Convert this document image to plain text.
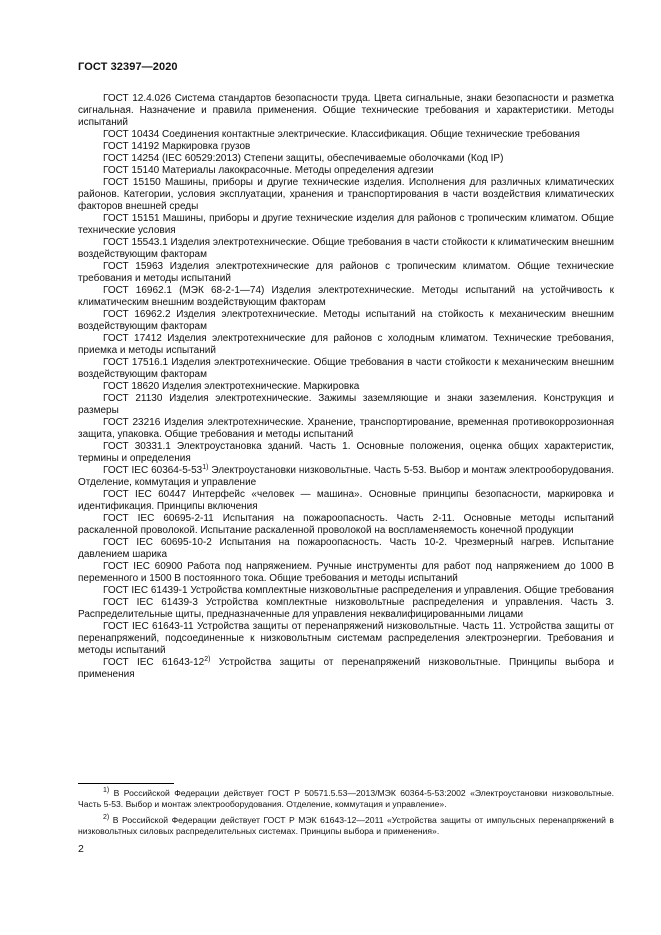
ГОСТ 32397—2020

ГОСТ 12.4.026 Система стандартов безопасности труда. Цвета сигнальные, знаки безопасности и разметка сигнальная. Назначение и правила применения. Общие технические требования и характеристики. Методы испытаний

ГОСТ 10434 Соединения контактные электрические. Классификация. Общие технические требования

ГОСТ 14192 Маркировка грузов

ГОСТ 14254 (IEC 60529:2013) Степени защиты, обеспечиваемые оболочками (Код IP)

ГОСТ 15140 Материалы лакокрасочные. Методы определения адгезии

ГОСТ 15150 Машины, приборы и другие технические изделия. Исполнения для различных климатических районов. Категории, условия эксплуатации, хранения и транспортирования в части воздействия климатических факторов внешней среды

ГОСТ 15151 Машины, приборы и другие технические изделия для районов с тропическим климатом. Общие технические условия

ГОСТ 15543.1 Изделия электротехнические. Общие требования в части стойкости к климатическим внешним воздействующим факторам

ГОСТ 15963 Изделия электротехнические для районов с тропическим климатом. Общие технические требования и методы испытаний

ГОСТ 16962.1 (МЭК 68-2-1—74) Изделия электротехнические. Методы испытаний на устойчивость к климатическим внешним воздействующим факторам

ГОСТ 16962.2 Изделия электротехнические. Методы испытаний на стойкость к механическим внешним воздействующим факторам

ГОСТ 17412 Изделия электротехнические для районов с холодным климатом. Технические требования, приемка и методы испытаний

ГОСТ 17516.1 Изделия электротехнические. Общие требования в части стойкости к механическим внешним воздействующим факторам

ГОСТ 18620 Изделия электротехнические. Маркировка

ГОСТ 21130 Изделия электротехнические. Зажимы заземляющие и знаки заземления. Конструкция и размеры

ГОСТ 23216 Изделия электротехнические. Хранение, транспортирование, временная противокоррозионная защита, упаковка. Общие требования и методы испытаний

ГОСТ 30331.1 Электроустановка зданий. Часть 1. Основные положения, оценка общих характеристик, термины и определения

ГОСТ IEC 60364-5-53$^{1)}$ Электроустановки низковольтные. Часть 5-53. Выбор и монтаж электрооборудования. Отделение, коммутация и управление

ГОСТ IEC 60447 Интерфейс «человек — машина». Основные принципы безопасности, маркировка и идентификация. Принципы включения

ГОСТ IEC 60695-2-11 Испытания на пожароопасность. Часть 2-11. Основные методы испытаний раскаленной проволокой. Испытание раскаленной проволокой на воспламеняемость конечной продукции

ГОСТ IEC 60695-10-2 Испытания на пожароопасность. Часть 10-2. Чрезмерный нагрев. Испытание давлением шарика

ГОСТ IEC 60900 Работа под напряжением. Ручные инструменты для работ под напряжением до 1000 В переменного и 1500 В постоянного тока. Общие требования и методы испытаний

ГОСТ IEC 61439-1 Устройства комплектные низковольтные распределения и управления. Общие требования

ГОСТ IEC 61439-3 Устройства комплектные низковольтные распределения и управления. Часть 3. Распределительные щиты, предназначенные для управления неквалифицированными лицами

ГОСТ IEC 61643-11 Устройства защиты от перенапряжений низковольтные. Часть 11. Устройства защиты от перенапряжений, подсоединенные к низковольтным системам распределения электроэнергии. Требования и методы испытаний

ГОСТ IEC 61643-12$^{2)}$ Устройства защиты от перенапряжений низковольтные. Принципы выбора и применения

$^{1)}$ В Российской Федерации действует ГОСТ Р 50571.5.53—2013/МЭК 60364-5-53:2002 «Электроустановки низковольтные. Часть 5-53. Выбор и монтаж электрооборудования. Отделение, коммутация и управление».

$^{2)}$ В Российской Федерации действует ГОСТ Р МЭК 61643-12—2011 «Устройства защиты от импульсных перенапряжений в низковольтных силовых распределительных системах. Принципы выбора и применения».

2
